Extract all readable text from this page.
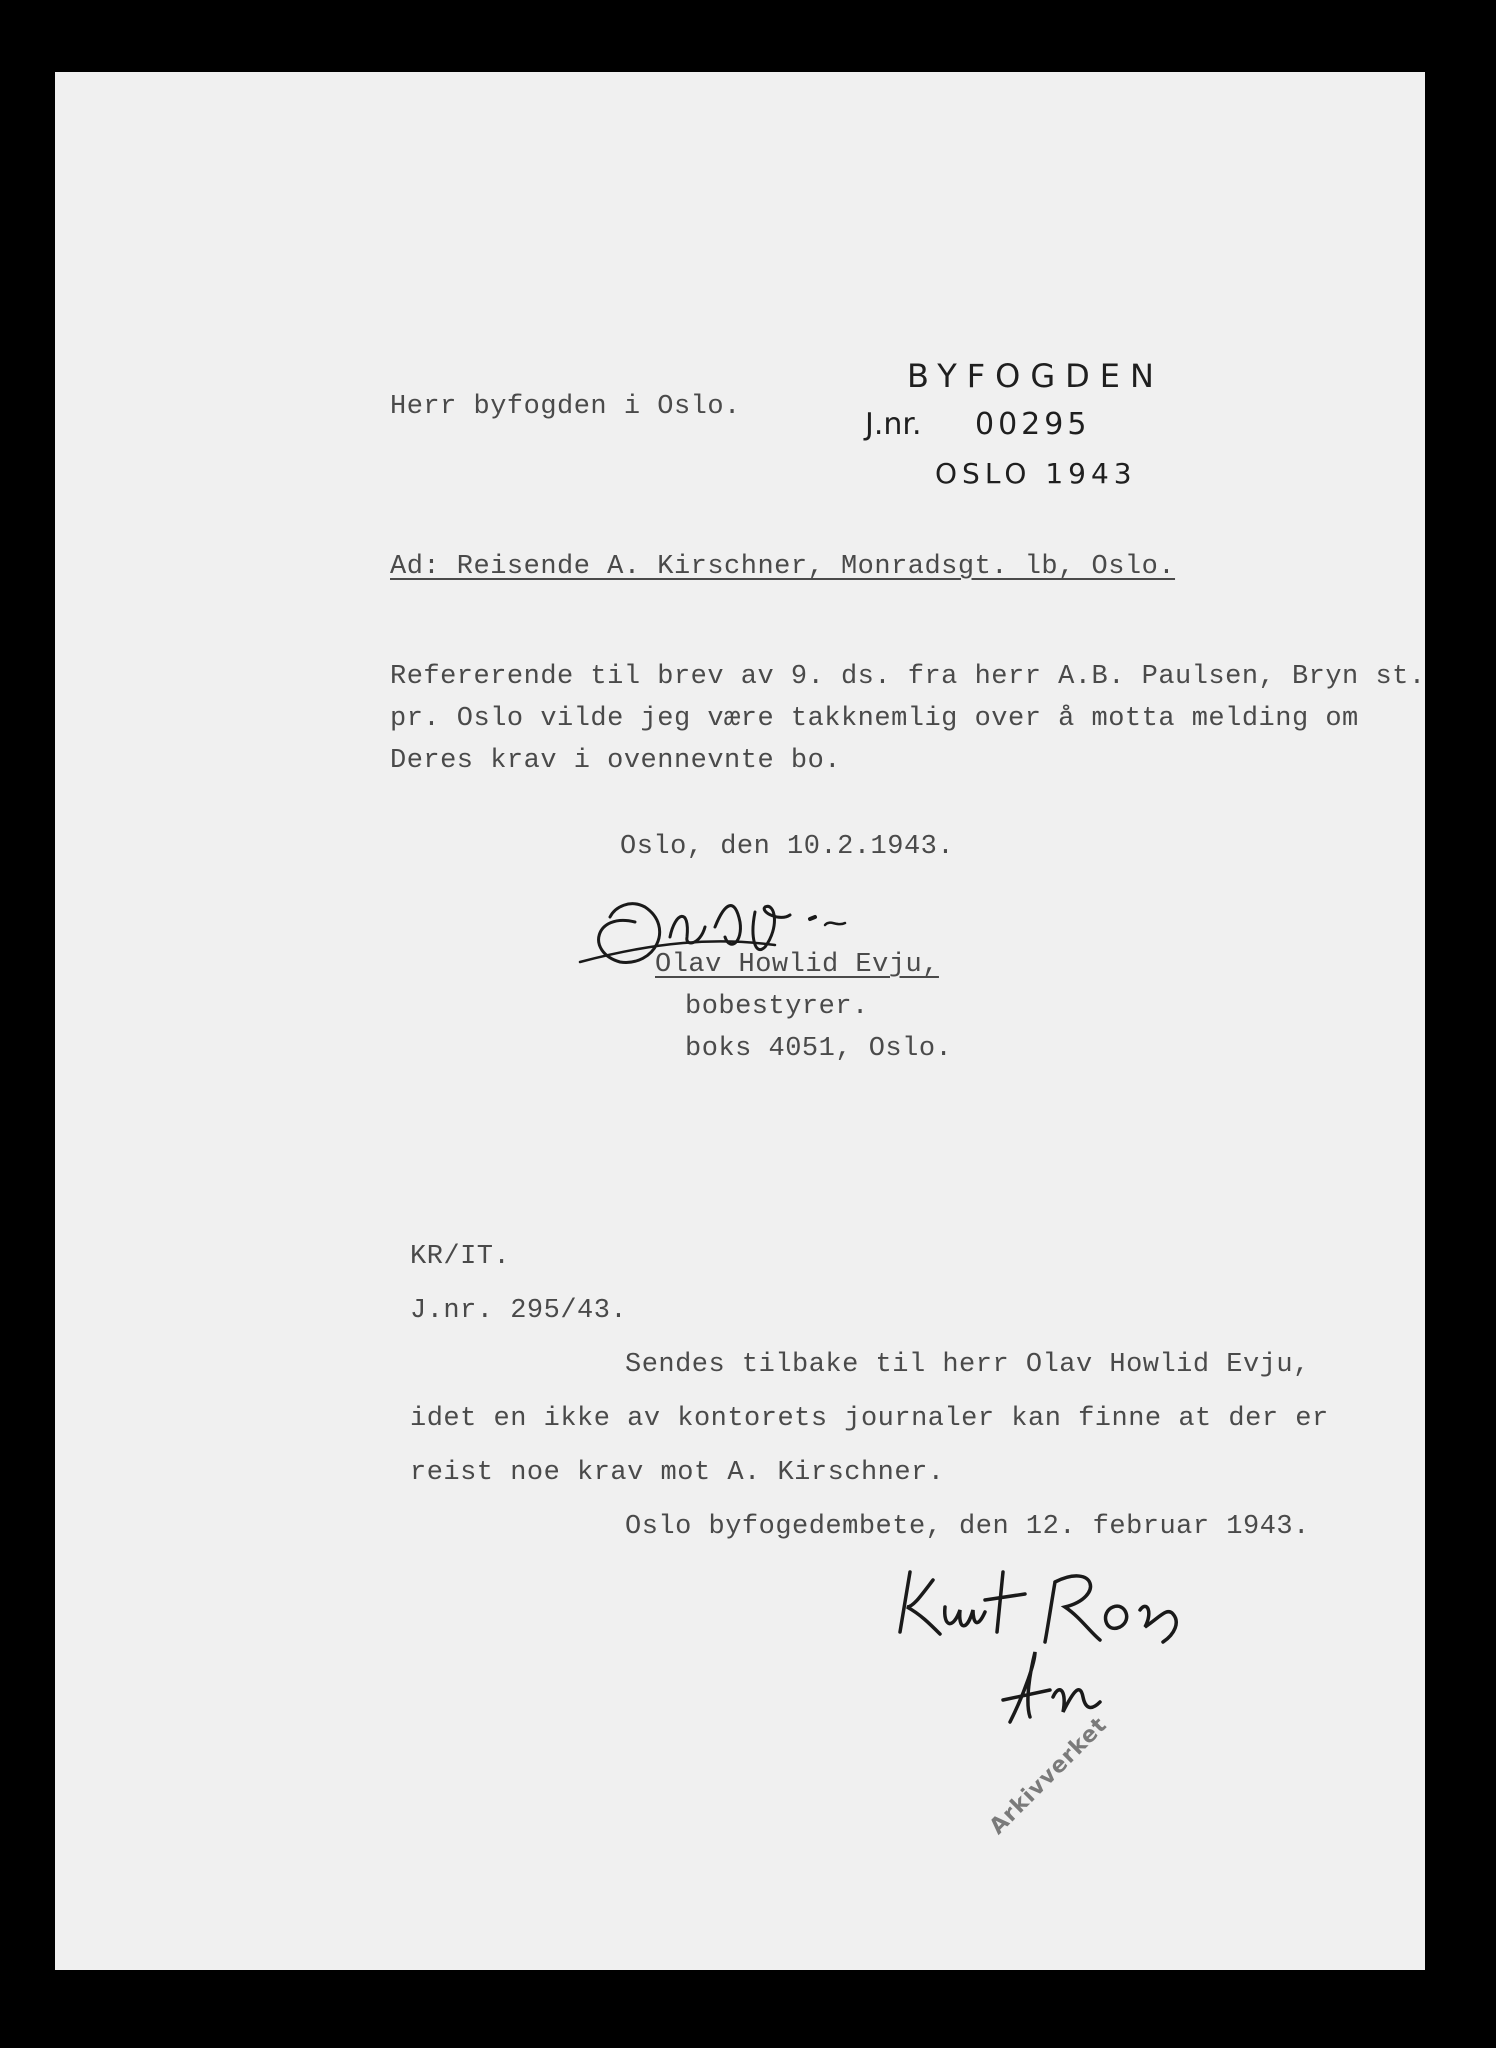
Herr byfogden i Oslo.
BYFOGDEN
J.nr. 00295
OSLO 1943
Ad: Reisende A. Kirschner, Monradsgt. lb, Oslo.
Refererende til brev av 9. ds. fra herr A.B. Paulsen, Bryn st.
pr. Oslo vilde jeg være takknemlig over å motta melding om
Deres krav i ovennevnte bo.
Oslo, den 10.2.1943.
Olav Howlid Evju,
bobestyrer.
boks 4051, Oslo.
KR/IT.
J.nr. 295/43.
Sendes tilbake til herr Olav Howlid Evju,
idet en ikke av kontorets journaler kan finne at der er
reist noe krav mot A. Kirschner.
Oslo byfogedembete, den 12. februar 1943.
Arkivverket
